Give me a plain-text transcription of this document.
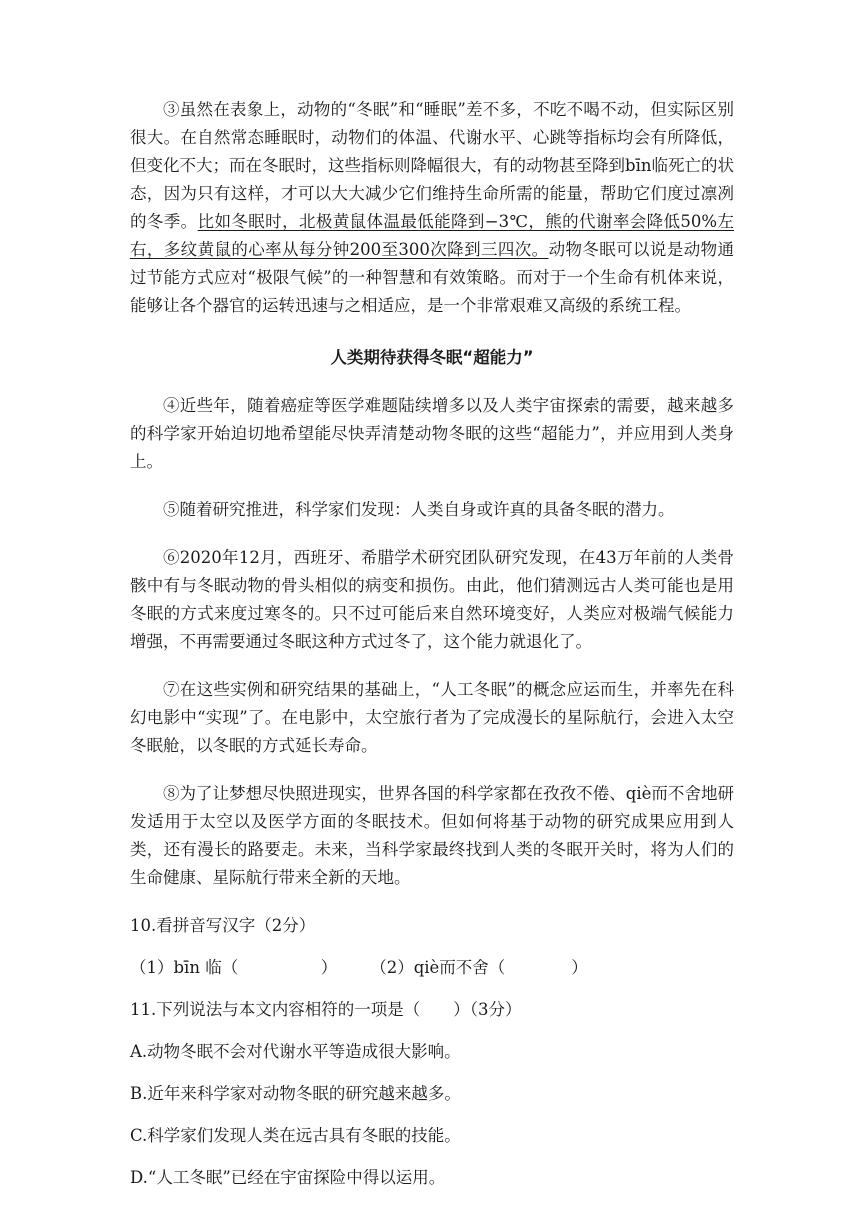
③虽然在表象上，动物的“冬眠”和“睡眠”差不多，不吃不喝不动，但实际区别很大。在自然常态睡眠时，动物们的体温、代谢水平、心跳等指标均会有所降低，但变化不大；而在冬眠时，这些指标则降幅很大，有的动物甚至降到bīn临死亡的状态，因为只有这样，才可以大大减少它们维持生命所需的能量，帮助它们度过凛冽的冬季。比如冬眠时，北极黄鼠体温最低能降到−3℃，熊的代谢率会降低50%左右，多纹黄鼠的心率从每分钟200至300次降到三四次。动物冬眠可以说是动物通过节能方式应对“极限气候”的一种智慧和有效策略。而对于一个生命有机体来说，能够让各个器官的运转迅速与之相适应，是一个非常艰难又高级的系统工程。

人类期待获得冬眠“超能力”

④近些年，随着癌症等医学难题陆续增多以及人类宇宙探索的需要，越来越多的科学家开始迫切地希望能尽快弄清楚动物冬眠的这些“超能力”，并应用到人类身上。

⑤随着研究推进，科学家们发现：人类自身或许真的具备冬眠的潜力。

⑥2020年12月，西班牙、希腊学术研究团队研究发现，在43万年前的人类骨骸中有与冬眠动物的骨头相似的病变和损伤。由此，他们猜测远古人类可能也是用冬眠的方式来度过寒冬的。只不过可能后来自然环境变好，人类应对极端气候能力增强，不再需要通过冬眠这种方式过冬了，这个能力就退化了。

⑦在这些实例和研究结果的基础上，“人工冬眠”的概念应运而生，并率先在科幻电影中“实现”了。在电影中，太空旅行者为了完成漫长的星际航行，会进入太空冬眠舱，以冬眠的方式延长寿命。

⑧为了让梦想尽快照进现实，世界各国的科学家都在孜孜不倦、qiè而不舍地研发适用于太空以及医学方面的冬眠技术。但如何将基于动物的研究成果应用到人类，还有漫长的路要走。未来，当科学家最终找到人类的冬眠开关时，将为人们的生命健康、星际航行带来全新的天地。

10.看拼音写汉字（2分）

（1）bīn 临（　　　　　）　　　（2）qiè而不舍（　　　　）

11.下列说法与本文内容相符的一项是（　　）（3分）

A.动物冬眠不会对代谢水平等造成很大影响。

B.近年来科学家对动物冬眠的研究越来越多。

C.科学家们发现人类在远古具有冬眠的技能。

D.“人工冬眠”已经在宇宙探险中得以运用。
